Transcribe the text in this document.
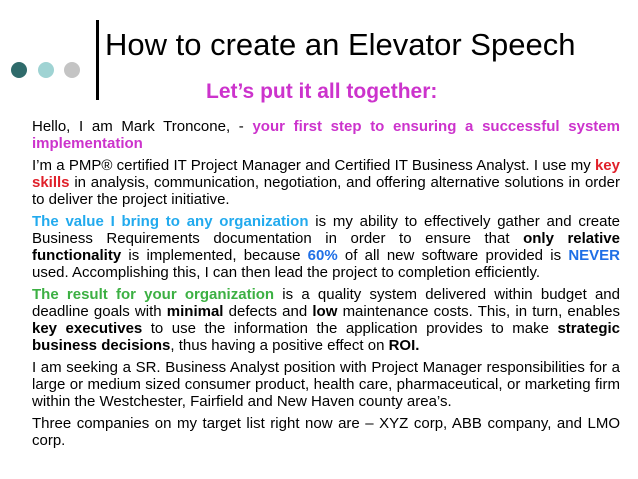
How to create an Elevator Speech
Let’s put it all together:

Hello, I am Mark Troncone, - your first step to ensuring a successful system implementation

I’m a PMP® certified IT Project Manager and Certified IT Business Analyst. I use my key skills in analysis, communication, negotiation, and offering alternative solutions in order to deliver the project initiative.

The value I bring to any organization is my ability to effectively gather and create Business Requirements documentation in order to ensure that only relative functionality is implemented, because 60% of all new software provided is NEVER used. Accomplishing this, I can then lead the project to completion efficiently.

The result for your organization is a quality system delivered within budget and deadline goals with minimal defects and low maintenance costs. This, in turn, enables key executives to use the information the application provides to make strategic business decisions, thus having a positive effect on ROI.

I am seeking a SR. Business Analyst position with Project Manager responsibilities for a large or medium sized consumer product, health care, pharmaceutical, or marketing firm within the Westchester, Fairfield and New Haven county area’s.

Three companies on my target list right now are – XYZ corp, ABB company, and LMO corp.
